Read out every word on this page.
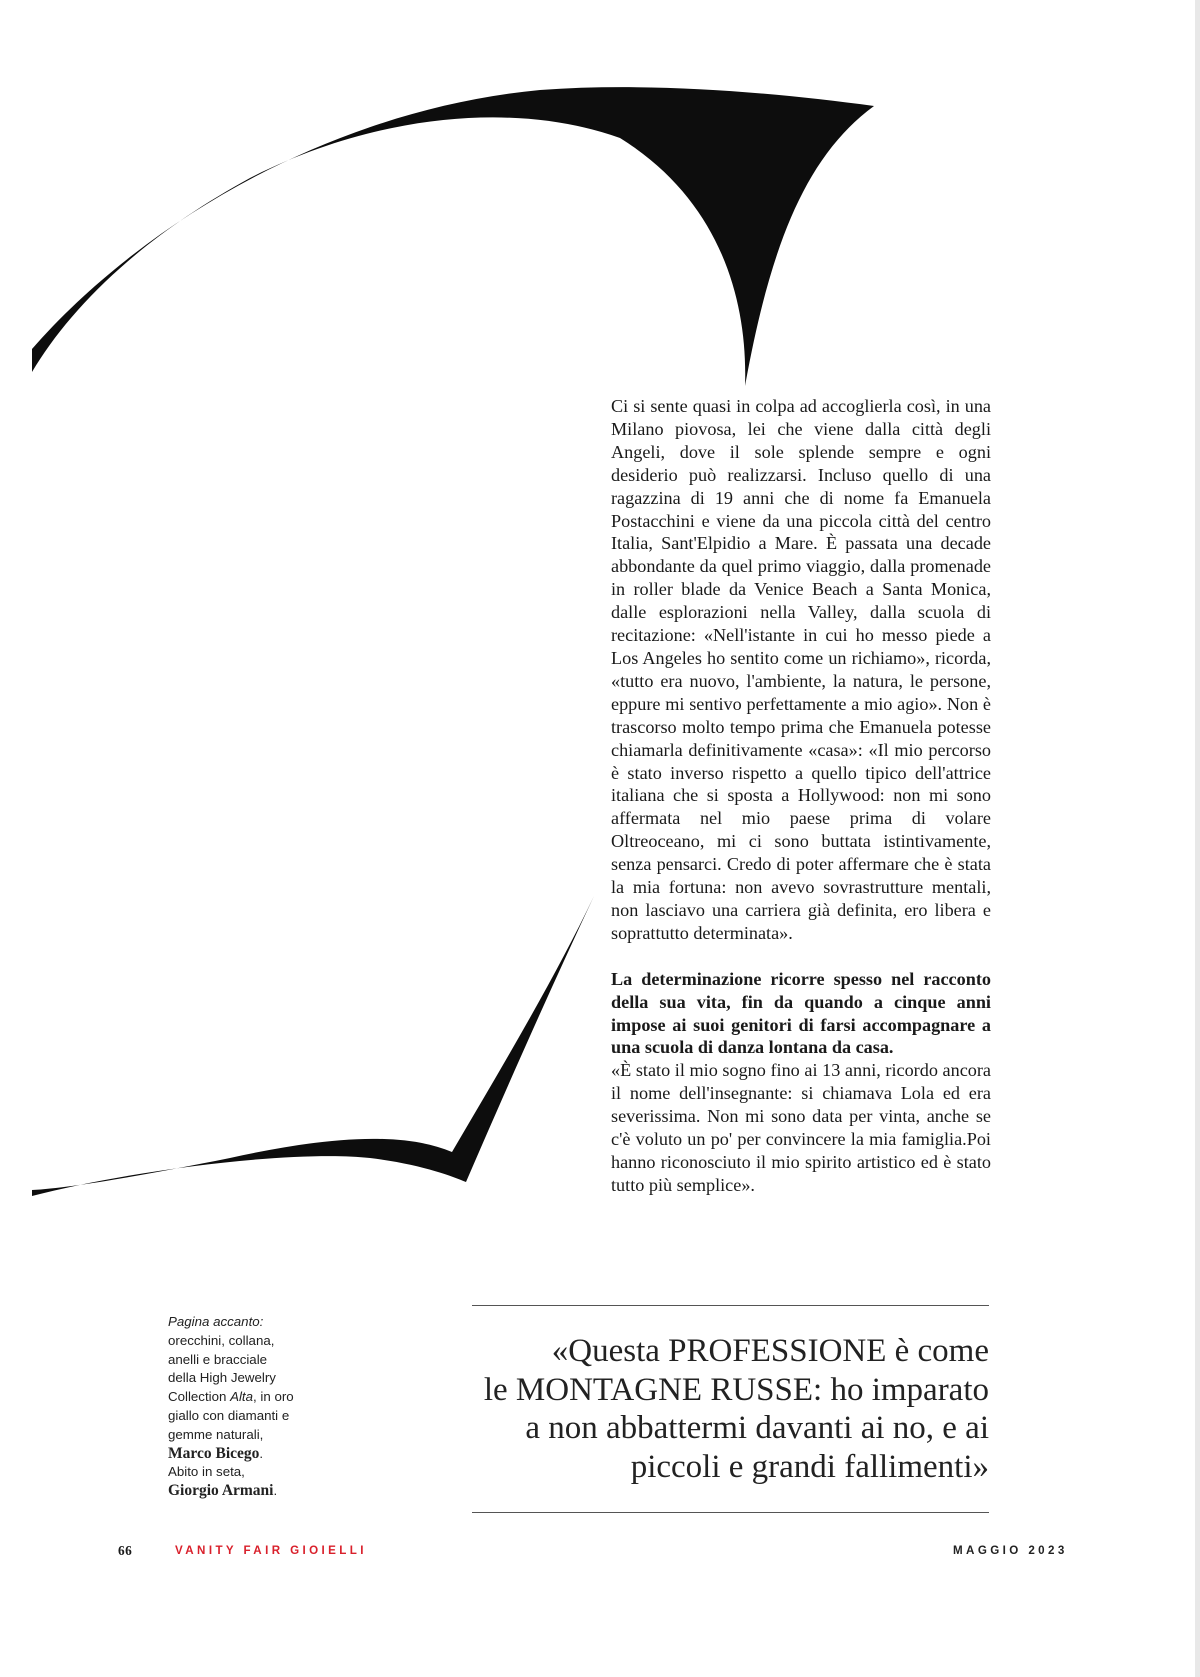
Ci si sente quasi in colpa ad accoglierla così, in una Milano piovosa, lei che viene dalla città degli Angeli, dove il sole splende sempre e ogni desiderio può realizzarsi. Incluso quello di una ragazzina di 19 anni che di nome fa Emanuela Postacchini e viene da una piccola città del centro Italia, Sant'Elpidio a Mare. È passata una decade abbondante da quel primo viaggio, dalla promenade in roller blade da Venice Beach a Santa Monica, dalle esplorazioni nella Valley, dalla scuola di recitazione: «Nell'istante in cui ho messo piede a Los Angeles ho sentito come un richiamo», ricorda, «tutto era nuovo, l'ambiente, la natura, le persone, eppure mi sentivo perfettamente a mio agio». Non è trascorso molto tempo prima che Emanuela potesse chiamarla definitivamente «casa»: «Il mio percorso è stato inverso rispetto a quello tipico dell'attrice italiana che si sposta a Hollywood: non mi sono affermata nel mio paese prima di volare Oltreoceano, mi ci sono buttata istintivamente, senza pensarci. Credo di poter affermare che è stata la mia fortuna: non avevo sovrastrutture mentali, non lasciavo una carriera già definita, ero libera e soprattutto determinata».

La determinazione ricorre spesso nel racconto della sua vita, fin da quando a cinque anni impose ai suoi genitori di farsi accompagnare a una scuola di danza lontana da casa.

«È stato il mio sogno fino ai 13 anni, ricordo ancora il nome dell'insegnante: si chiamava Lola ed era severissima. Non mi sono data per vinta, anche se c'è voluto un po' per convincere la mia famiglia.Poi hanno riconosciuto il mio spirito artistico ed è stato tutto più semplice».

«Questa PROFESSIONE è come
le MONTAGNE RUSSE: ho imparato
a non abbattermi davanti ai no, e ai
piccoli e grandi fallimenti»
Pagina accanto:
orecchini, collana, anelli e bracciale della High Jewelry Collection Alta, in oro giallo con diamanti e gemme naturali, Marco Bicego. Abito in seta, Giorgio Armani.
66	VANITY FAIR GIOIELLI	MAGGIO 2023
